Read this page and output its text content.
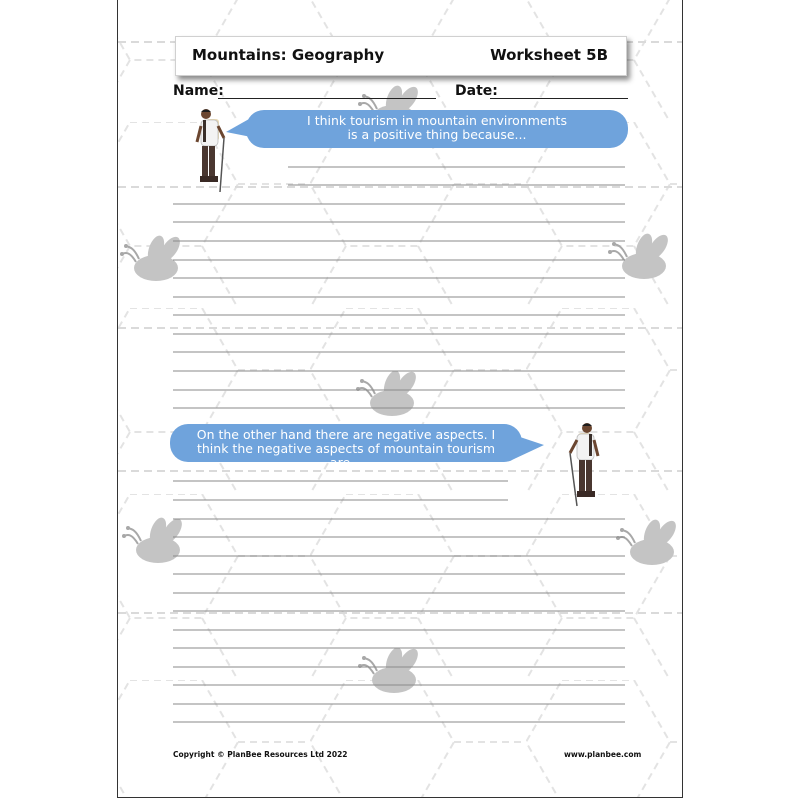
Mountains: Geography	Worksheet 5B
Name:	Date:
I think tourism in mountain environments is a positive thing because...
On the other hand there are negative aspects. I think the negative aspects of mountain tourism are...
Copyright © PlanBee Resources Ltd 2022	www.planbee.com
